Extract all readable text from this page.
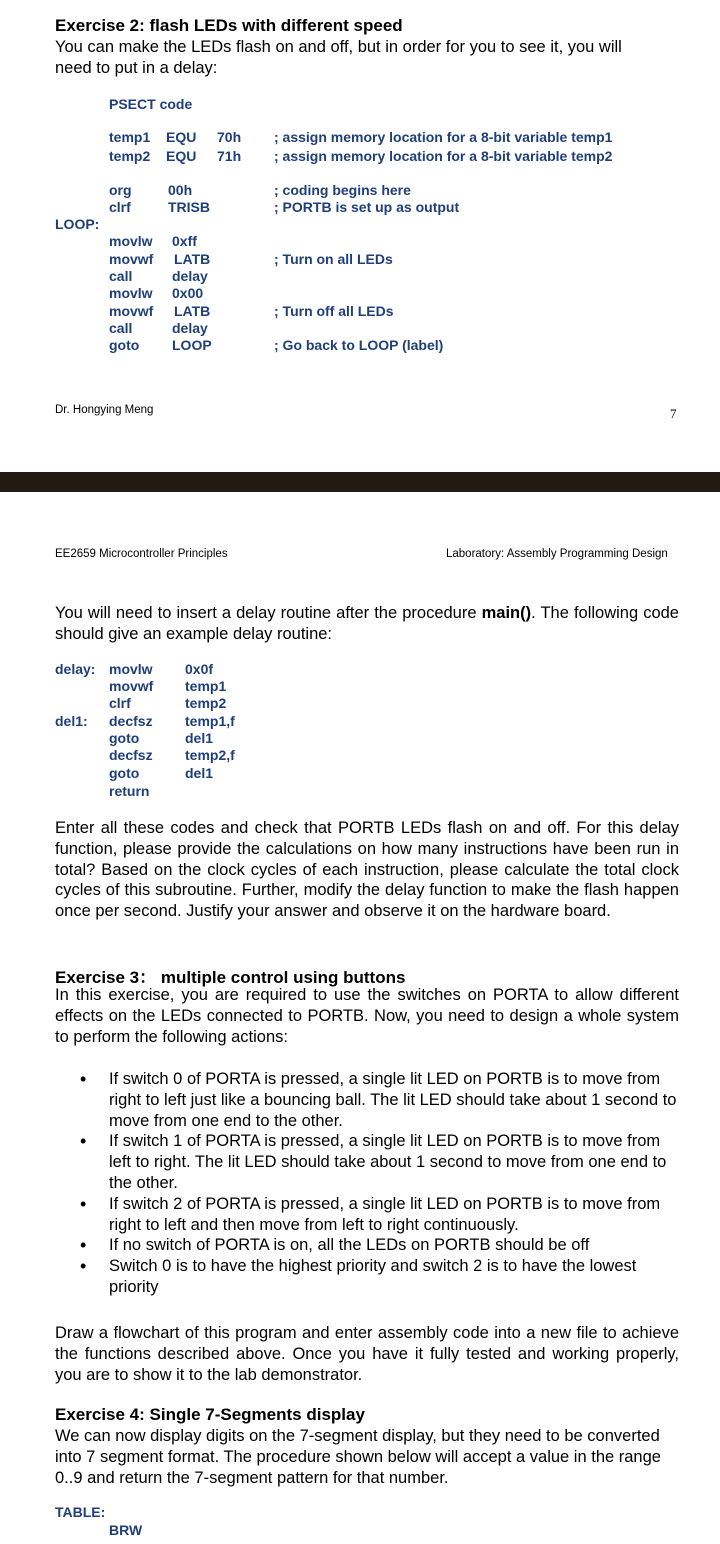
Exercise 2: flash LEDs with different speed
You can make the LEDs flash on and off, but in order for you to see it, you will
need to put in a delay:
PSECT code
temp1 EQU 70h ; assign memory location for a 8-bit variable temp1
temp2 EQU 71h ; assign memory location for a 8-bit variable temp2
org	00h	; coding begins here
clrf	TRISB	; PORTB is set up as output
LOOP:
movlw 0xff
movwf LATB	; Turn on all LEDs
call	delay
movlw 0x00
movwf LATB	; Turn off all LEDs
call	delay
goto LOOP	; Go back to LOOP (label)
Dr. Hongying Meng	7
EE2659 Microcontroller Principles	Laboratory: Assembly Programming Design
You will need to insert a delay routine after the procedure main(). The following code should give an example delay routine:
delay: movlw 0x0f
movwf temp1
clrf	temp2
del1: decfsz temp1,f
goto	del1
decfsz temp2,f
goto	del1
return
Enter all these codes and check that PORTB LEDs flash on and off. For this delay function, please provide the calculations on how many instructions have been run in total? Based on the clock cycles of each instruction, please calculate the total clock cycles of this subroutine. Further, modify the delay function to make the flash happen once per second. Justify your answer and observe it on the hardware board.
Exercise 3： multiple control using buttons
In this exercise, you are required to use the switches on PORTA to allow different effects on the LEDs connected to PORTB. Now, you need to design a whole system to perform the following actions:
• If switch 0 of PORTA is pressed, a single lit LED on PORTB is to move from right to left just like a bouncing ball. The lit LED should take about 1 second to move from one end to the other.
• If switch 1 of PORTA is pressed, a single lit LED on PORTB is to move from left to right. The lit LED should take about 1 second to move from one end to the other.
• If switch 2 of PORTA is pressed, a single lit LED on PORTB is to move from right to left and then move from left to right continuously.
• If no switch of PORTA is on, all the LEDs on PORTB should be off
• Switch 0 is to have the highest priority and switch 2 is to have the lowest priority
Draw a flowchart of this program and enter assembly code into a new file to achieve the functions described above. Once you have it fully tested and working properly, you are to show it to the lab demonstrator.
Exercise 4: Single 7-Segments display
We can now display digits on the 7-segment display, but they need to be converted into 7 segment format. The procedure shown below will accept a value in the range 0..9 and return the 7-segment pattern for that number.
TABLE:
BRW
